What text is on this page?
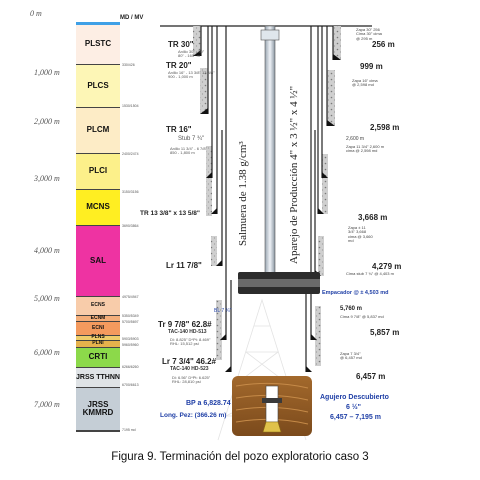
0 m
1,000 m
2,000 m
3,000 m
4,000 m
5,000 m
6,000 m
7,000 m
MD / MV
PLSTC
PLCS
PLCM
PLCI
MCNS
SAL
ECNS
ECNM
ECNI
PLNS
PLNI
CRTI
JRSS TTHNN
JRSS KMMRD
330/426
1530/1504
2400/2474
3150/3156
3690/3864
4975/4947
5350/5349
5700/5697
5903/5903
5960/5960
6266/6260
6700/6613
7195 md
Salmuera de 1.38 g/cm³	Aparejo de Producción 4" x 3 ½" x 4 ½"
TR 30"
Anillo 30" - 50"
80" - 165" m
TR 20"
Anillo 16" - 13 3/8" 13 3/8"
900 - 1,000 m
TR 16"
Stub 7 ¾"
Anillo 11 3/4" - 6 7/8"
850 - 1,800 m
TR 13 3/8" x 13 5/8"
Lr 11 7/8"
Tr 9 7/8" 62.8#
TAC-140 HD-513
Di: 8.825" D*Pt: 8.469"
RHL: 15,512 psi
Lr 7 3/4" 46.2#
TAC-140 HD-523
Di: 6.56" D*Pt: 6.625"
RHL: 28,810 psi
Zapa 30" 256
Cima 30" cima
@ 295 m
256 m
999 m
Zapa 16" cima
@ 2,598 md
2,598 m
2,600 m
Zapa 11 3/4" 2,600 m
cima @ 2,598 md
3,668 m
Zapa ± 11
3/4" 3,668
cima @ 3,660
md
4,279 m
Cima stub 7 ¾" @ 4,403 m
Empacador @ ± 4,503 md
BL 7 ¾"	5,760 m
Cima 9 7/8" @ 5,837 md
5,857 m
Zapa 7 3/4"
@ 6,457 md
6,457 m
BP a 6,828.74
Long. Pez: (366.26 m)
Agujero Descubierto
6 ½"
6,457 – 7,195 m
Figura 9. Terminación del pozo exploratorio caso 3
